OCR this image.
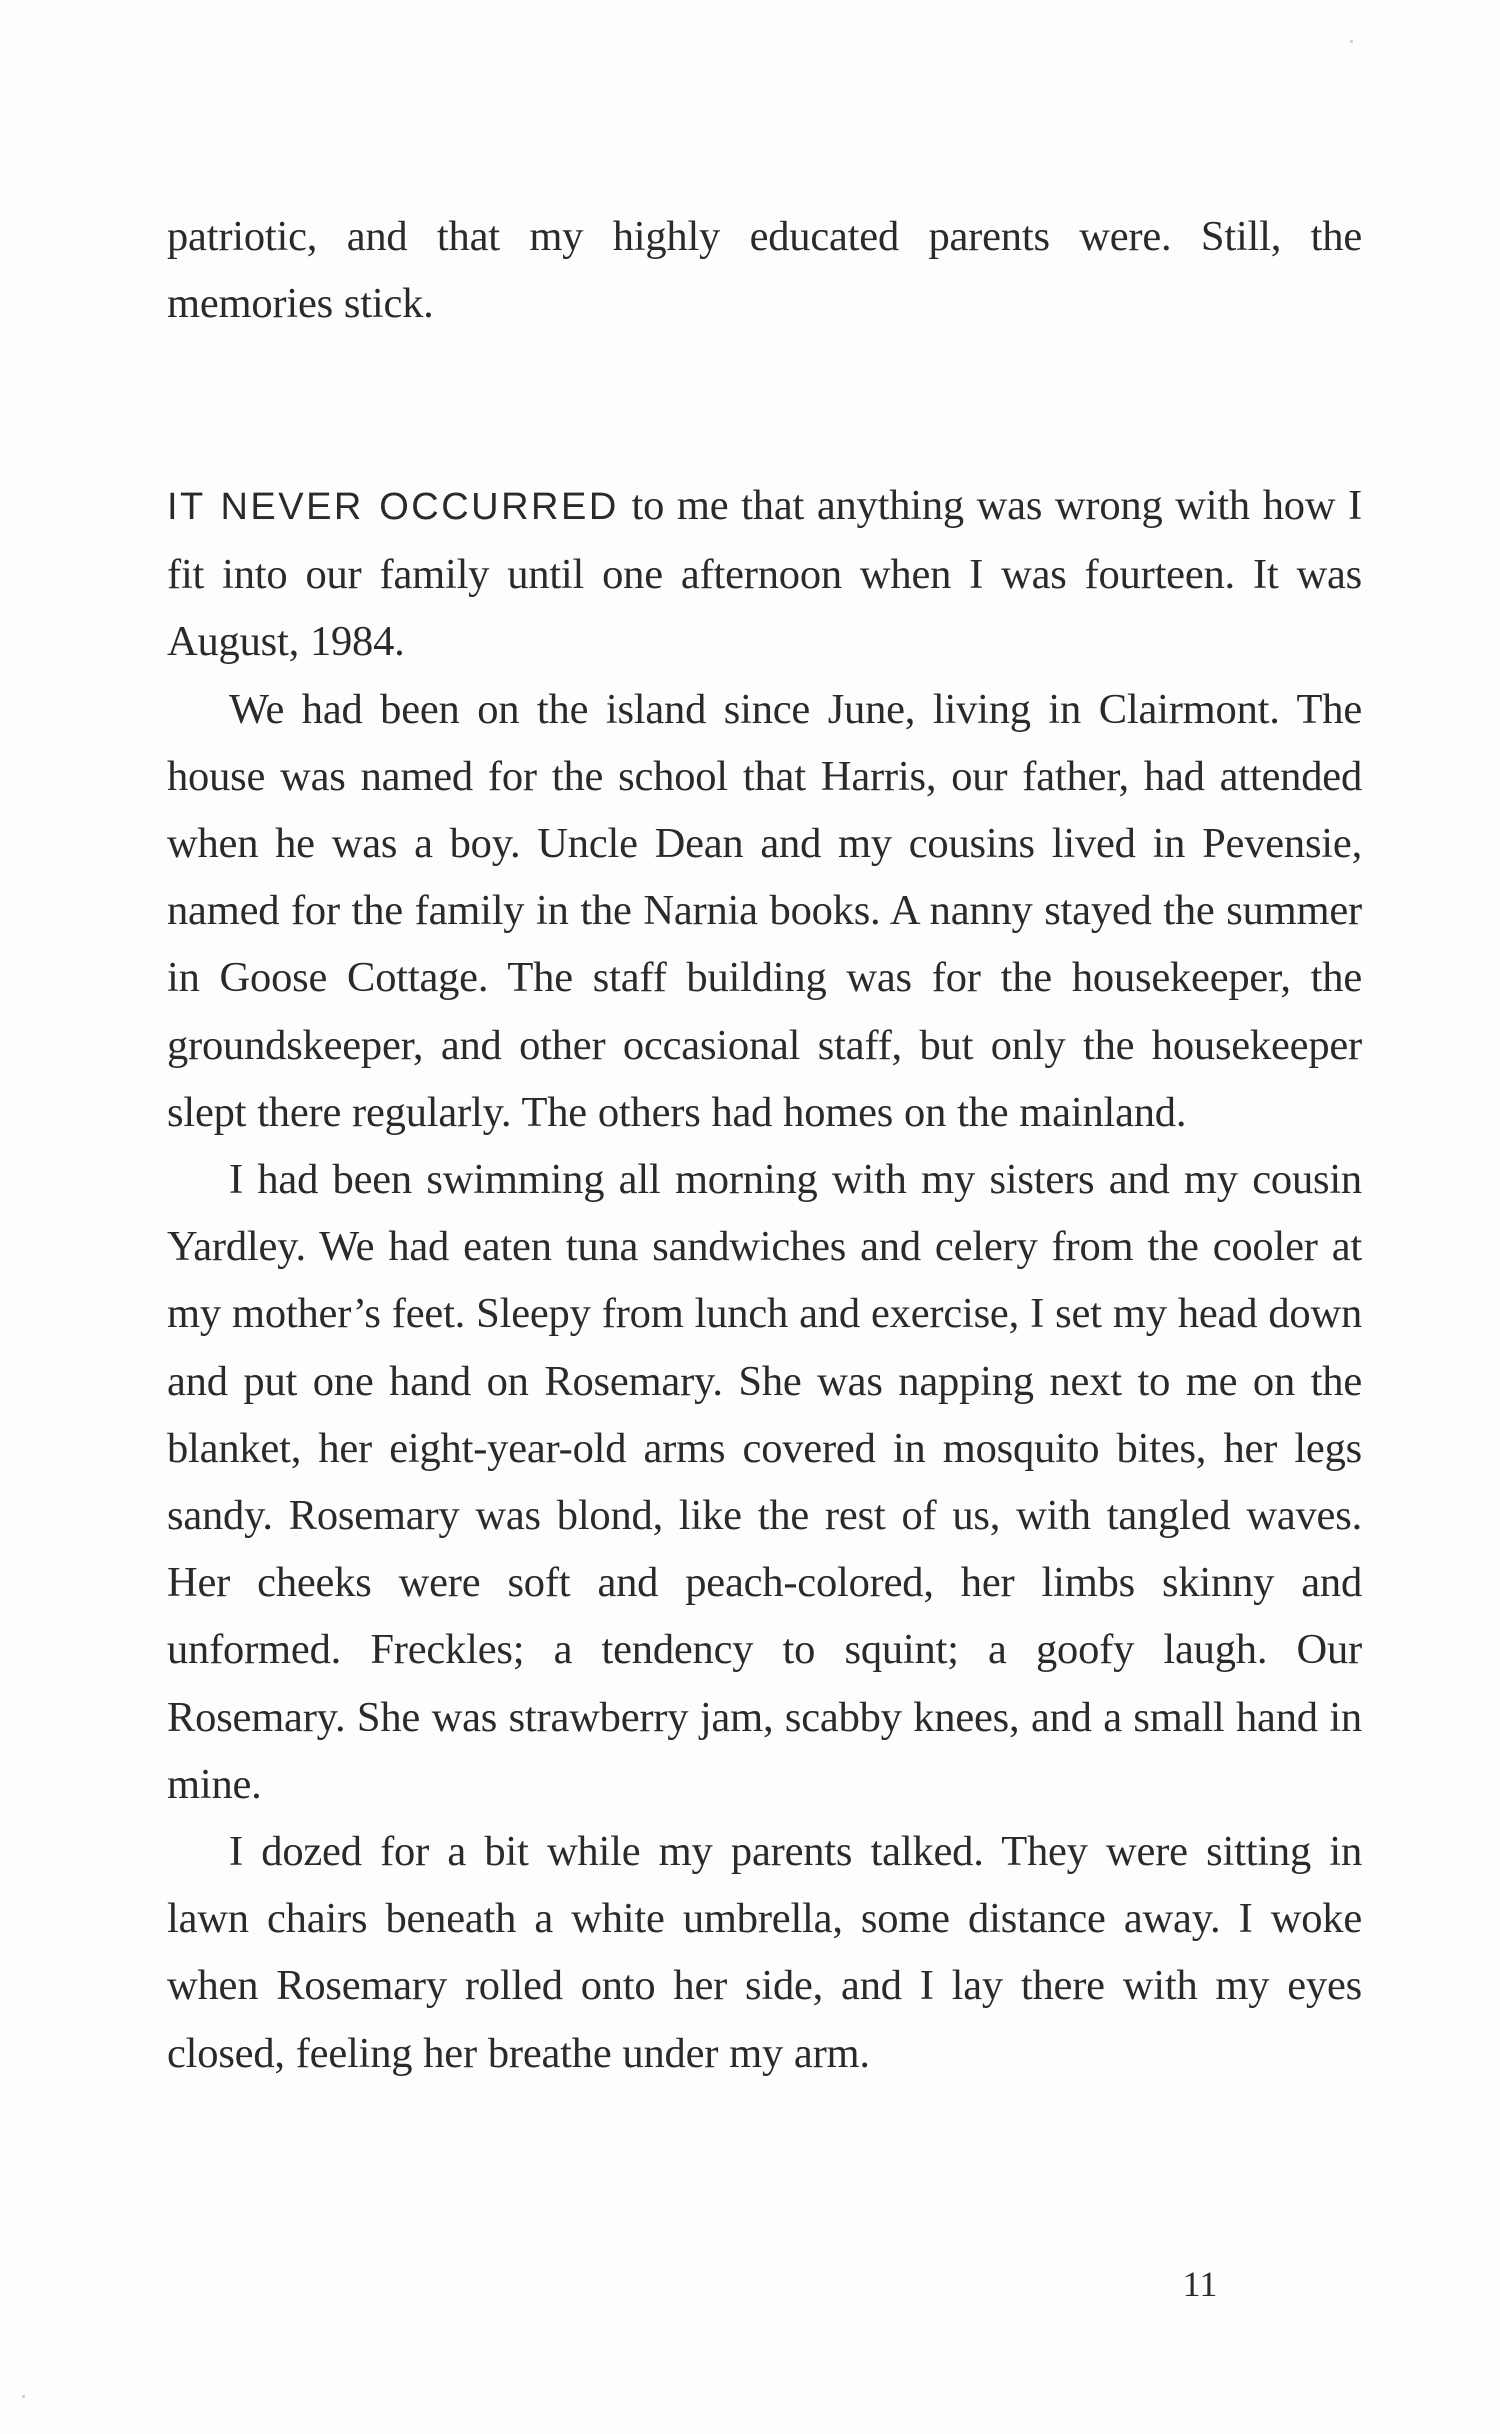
patriotic, and that my highly educated parents were. Still, the memories stick.

IT NEVER OCCURRED to me that anything was wrong with how I fit into our family until one afternoon when I was fourteen. It was August, 1984.

We had been on the island since June, living in Clairmont. The house was named for the school that Harris, our father, had attended when he was a boy. Uncle Dean and my cousins lived in Pevensie, named for the family in the Narnia books. A nanny stayed the summer in Goose Cottage. The staff building was for the housekeeper, the groundskeeper, and other occasional staff, but only the housekeeper slept there regularly. The others had homes on the mainland.

I had been swimming all morning with my sisters and my cousin Yardley. We had eaten tuna sandwiches and celery from the cooler at my mother’s feet. Sleepy from lunch and exercise, I set my head down and put one hand on Rosemary. She was napping next to me on the blanket, her eight-year-old arms covered in mosquito bites, her legs sandy. Rosemary was blond, like the rest of us, with tangled waves. Her cheeks were soft and peach-colored, her limbs skinny and unformed. Freckles; a tendency to squint; a goofy laugh. Our Rosemary. She was strawberry jam, scabby knees, and a small hand in mine.

I dozed for a bit while my parents talked. They were sitting in lawn chairs beneath a white umbrella, some distance away. I woke when Rosemary rolled onto her side, and I lay there with my eyes closed, feeling her breathe under my arm.

11
